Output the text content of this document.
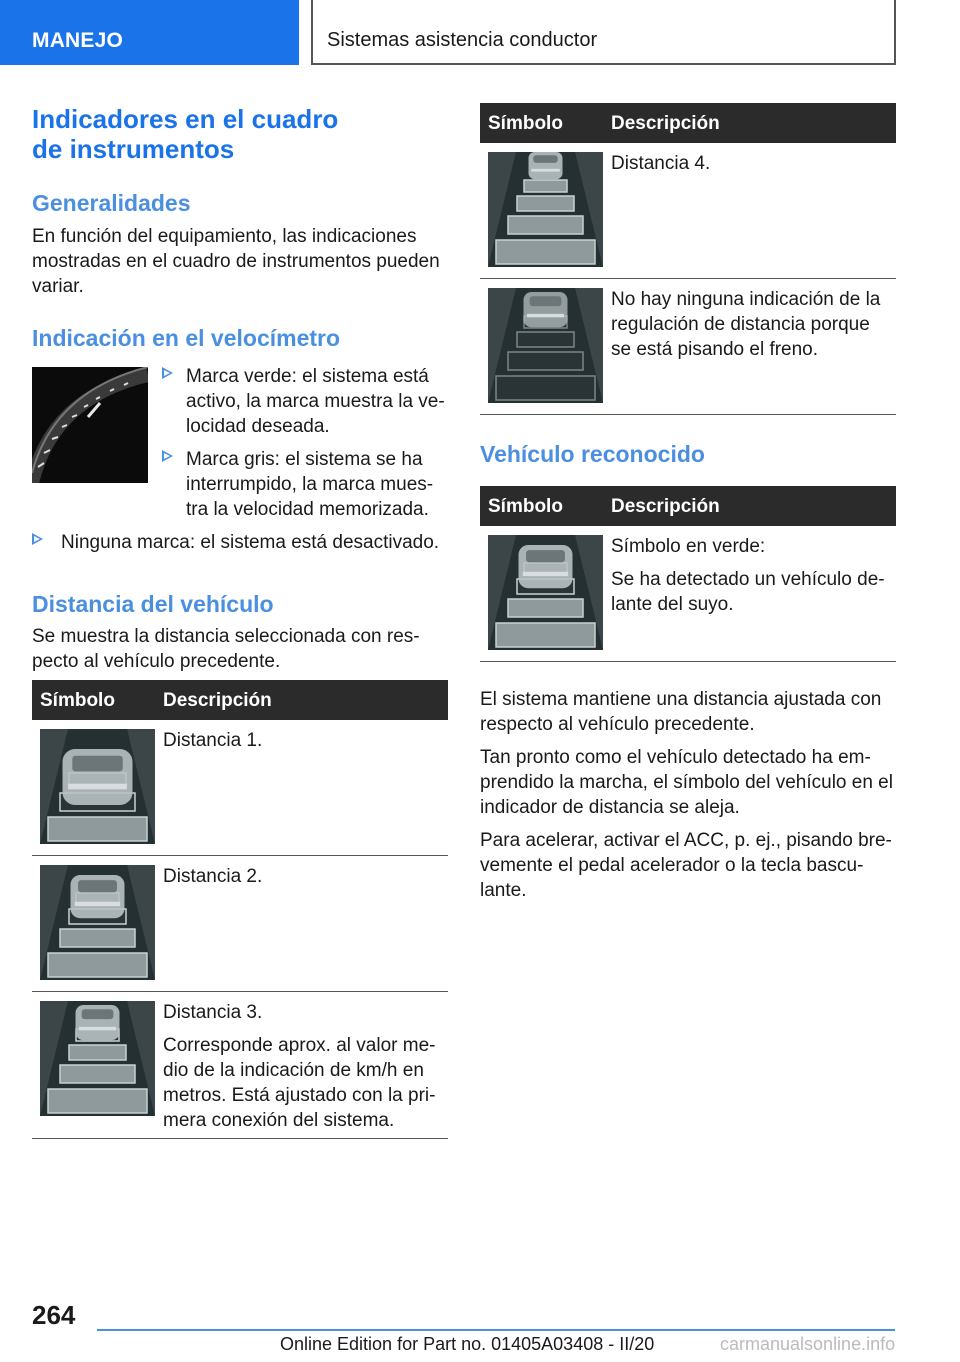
MANEJO	Sistemas asistencia conductor
Indicadores en el cuadro
de instrumentos
Generalidades
En función del equipamiento, las indicaciones
mostradas en el cuadro de instrumentos pueden
variar.
Indicación en el velocímetro
Marca verde: el sistema está
activo, la marca muestra la ve-
locidad deseada.
Marca gris: el sistema se ha
interrumpido, la marca mues-
tra la velocidad memorizada.
Ninguna marca: el sistema está desactivado.
Distancia del vehículo
Se muestra la distancia seleccionada con res-
pecto al vehículo precedente.
Símbolo	Descripción

Distancia 1.

Distancia 2.

Distancia 3.

Corresponde aprox. al valor me- dio de la indicación de km/h en metros. Está ajustado con la pri- mera conexión del sistema.

Símbolo	Descripción

Distancia 4.

No hay ninguna indicación de la regulación de distancia porque se está pisando el freno.

Vehículo reconocido
Símbolo	Descripción

Símbolo en verde:

Se ha detectado un vehículo de- lante del suyo.

El sistema mantiene una distancia ajustada con respecto al vehículo precedente.
Tan pronto como el vehículo detectado ha em- prendido la marcha, el símbolo del vehículo en el indicador de distancia se aleja.
Para acelerar, activar el ACC, p. ej., pisando bre- vemente el pedal acelerador o la tecla bascu- lante.
264
Online Edition for Part no. 01405A03408 - II/20	carmanualsonline.info
